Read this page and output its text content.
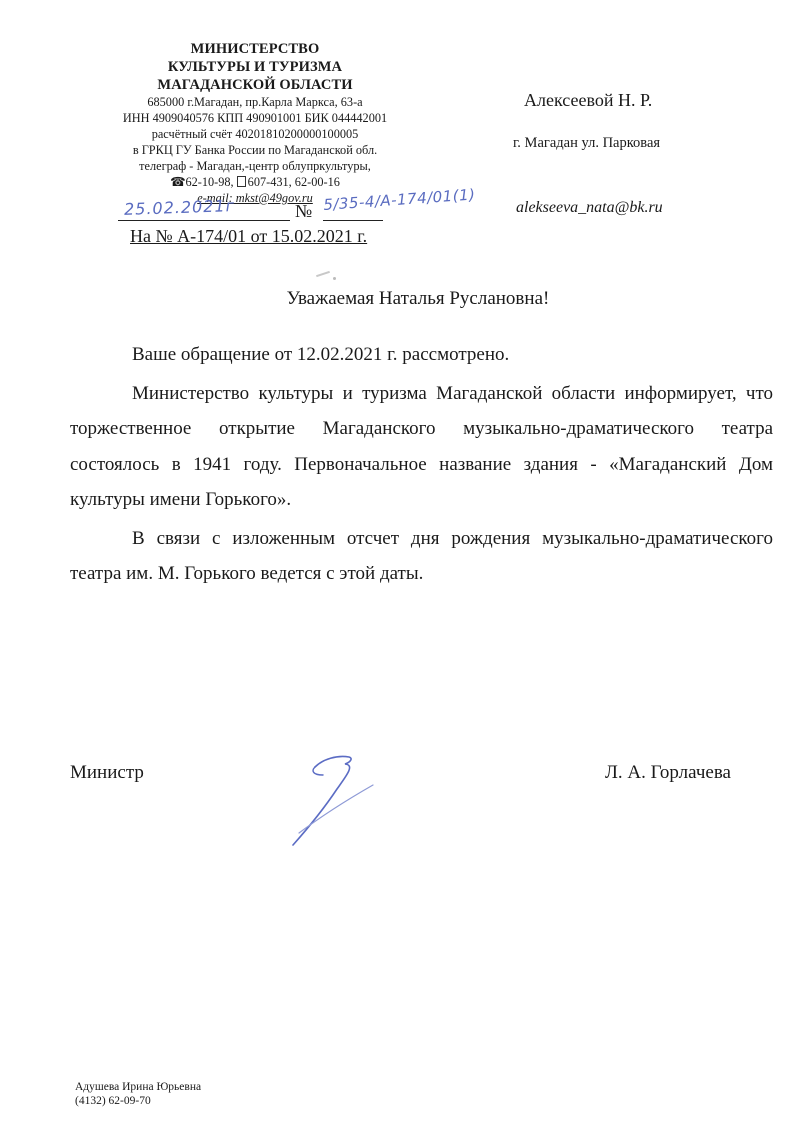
МИНИСТЕРСТВО
КУЛЬТУРЫ И ТУРИЗМА
МАГАДАНСКОЙ ОБЛАСТИ
685000 г.Магадан, пр.Карла Маркса, 63-а
ИНН 4909040576 КПП 490901001 БИК 044442001
расчётный счёт 40201810200000100005
в ГРКЦ ГУ Банка России по Магаданской обл.
телеграф - Магадан,-центр облупркультуры,
☎62-10-98, 607-431, 62-00-16
e-mail: mkst@49gov.ru
25.02.2021г	№ 5/35-4/А-174/01(1)
На № А-174/01 от 15.02.2021 г.
Алексеевой Н. Р.
г. Магадан ул. Парковая
alekseeva_nata@bk.ru
Уважаемая Наталья Руслановна!

Ваше обращение от 12.02.2021 г. рассмотрено.

Министерство культуры и туризма Магаданской области информирует, что торжественное открытие Магаданского музыкально-драматического театра состоялось в 1941 году. Первоначальное название здания - «Магаданский Дом культуры имени Горького».

В связи с изложенным отсчет дня рождения музыкально-драматического театра им. М. Горького ведется с этой даты.

Министр	Л. А. Горлачева
Адушева Ирина Юрьевна
(4132) 62-09-70
